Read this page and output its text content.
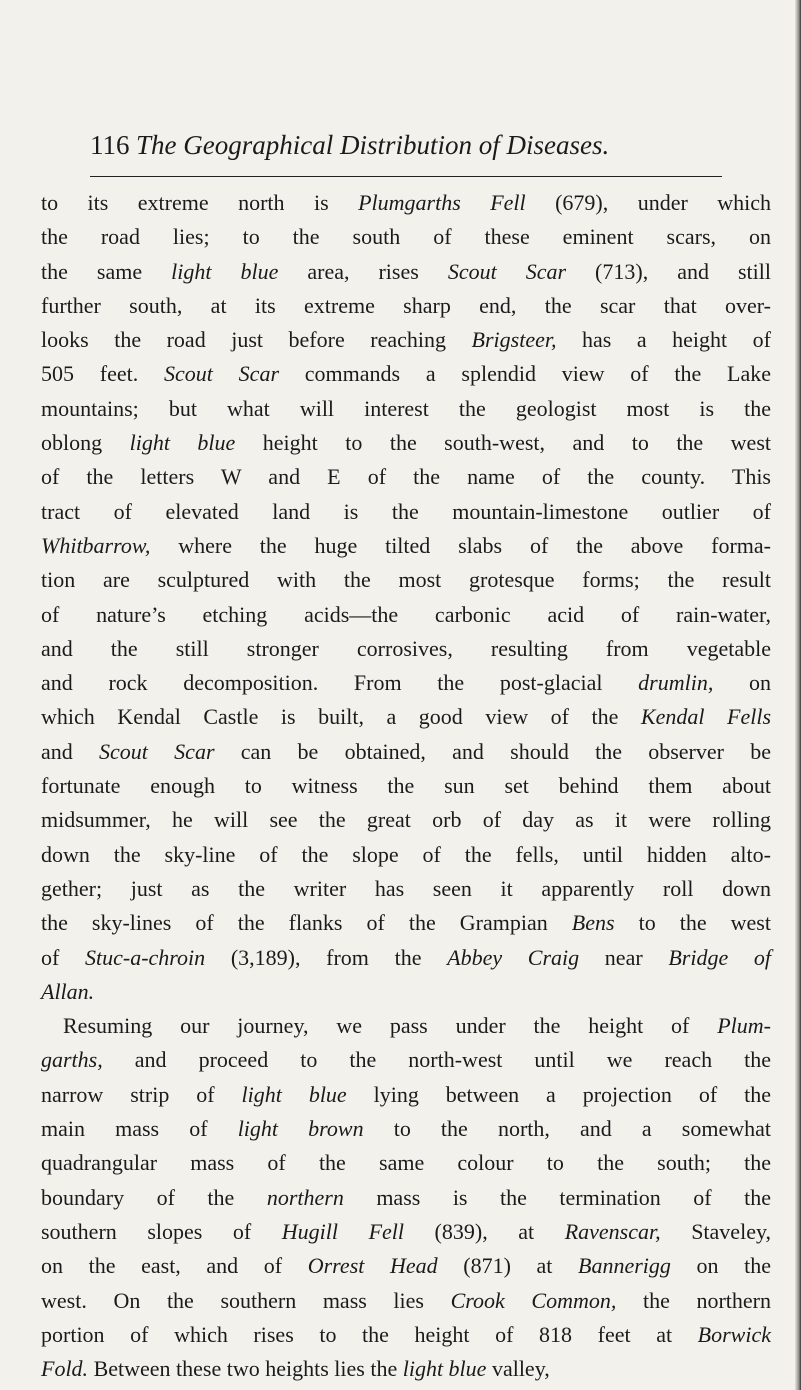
116 The Geographical Distribution of Diseases.
to its extreme north is Plumgarths Fell (679), under which
the road lies; to the south of these eminent scars, on
the same light blue area, rises Scout Scar (713), and still
further south, at its extreme sharp end, the scar that over-
looks the road just before reaching Brigsteer, has a height of
505 feet. Scout Scar commands a splendid view of the Lake
mountains; but what will interest the geologist most is the
oblong light blue height to the south-west, and to the west
of the letters W and E of the name of the county. This
tract of elevated land is the mountain-limestone outlier of
Whitbarrow, where the huge tilted slabs of the above forma-
tion are sculptured with the most grotesque forms; the result
of nature’s etching acids—the carbonic acid of rain-water,
and the still stronger corrosives, resulting from vegetable
and rock decomposition. From the post-glacial drumlin, on
which Kendal Castle is built, a good view of the Kendal Fells
and Scout Scar can be obtained, and should the observer be
fortunate enough to witness the sun set behind them about
midsummer, he will see the great orb of day as it were rolling
down the sky-line of the slope of the fells, until hidden alto-
gether; just as the writer has seen it apparently roll down
the sky-lines of the flanks of the Grampian Bens to the west
of Stuc-a-chroin (3,189), from the Abbey Craig near Bridge of
Allan.
Resuming our journey, we pass under the height of Plum-
garths, and proceed to the north-west until we reach the
narrow strip of light blue lying between a projection of the
main mass of light brown to the north, and a somewhat
quadrangular mass of the same colour to the south; the
boundary of the northern mass is the termination of the
southern slopes of Hugill Fell (839), at Ravenscar, Staveley,
on the east, and of Orrest Head (871) at Bannerigg on the
west. On the southern mass lies Crook Common, the northern
portion of which rises to the height of 818 feet at Borwick
Fold. Between these two heights lies the light blue valley,
